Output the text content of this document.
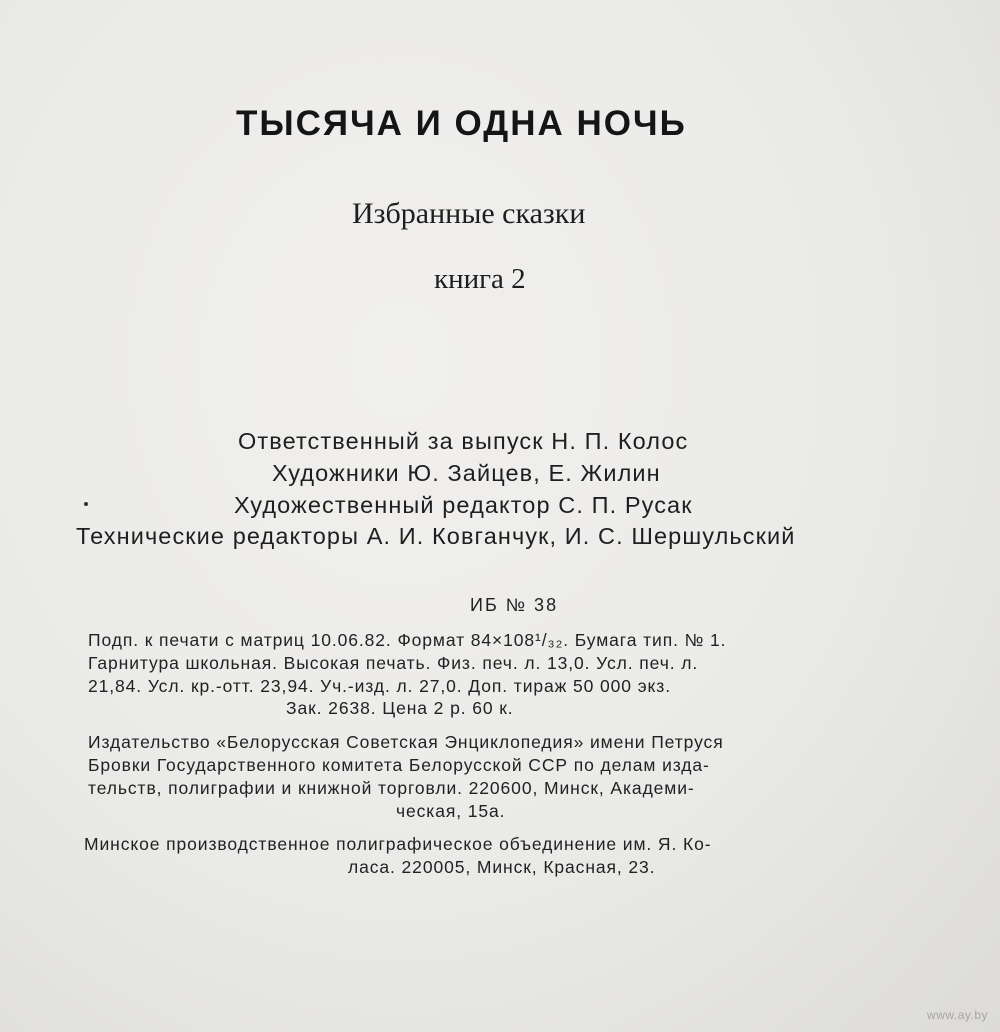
ТЫСЯЧА И ОДНА НОЧЬ
Избранные сказки
книга 2
Ответственный за выпуск Н. П. Колос
Художники Ю. Зайцев, Е. Жилин
Художественный редактор С. П. Русак
Технические редакторы А. И. Ковганчук, И. С. Шершульский
ИБ № 38
Подп. к печати с матриц 10.06.82. Формат 84×108¹/₃₂. Бумага тип. № 1.
Гарнитура школьная. Высокая печать. Физ. печ. л. 13,0. Усл. печ. л.
21,84. Усл. кр.-отт. 23,94. Уч.-изд. л. 27,0. Доп. тираж 50 000 экз.
Зак. 2638. Цена 2 р. 60 к.
Издательство «Белорусская Советская Энциклопедия» имени Петруся
Бровки Государственного комитета Белорусской ССР по делам изда-
тельств, полиграфии и книжной торговли. 220600, Минск, Академи-
ческая, 15а.
Минское производственное полиграфическое объединение им. Я. Ко-
ласа. 220005, Минск, Красная, 23.
www.ay.by
